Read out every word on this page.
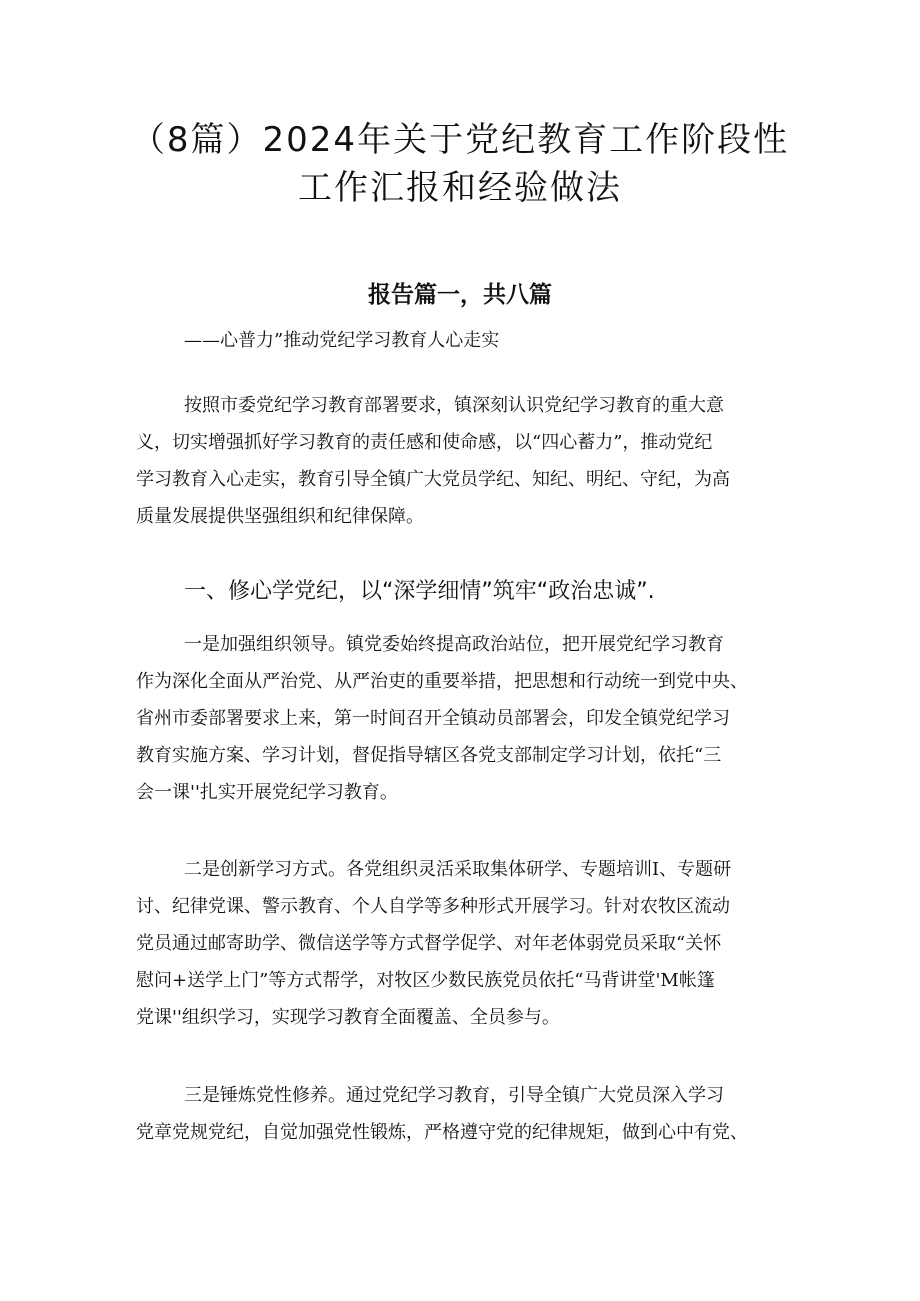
（8篇）2024年关于党纪教育工作阶段性
工作汇报和经验做法
报告篇一，共八篇
——心普力”推动党纪学习教育人心走实
按照市委党纪学习教育部署要求，镇深刻认识党纪学习教育的重大意
义，切实增强抓好学习教育的责任感和使命感，以“四心蓄力”，推动党纪
学习教育入心走实，教育引导全镇广大党员学纪、知纪、明纪、守纪，为高
质量发展提供坚强组织和纪律保障。
一、修心学党纪，以“深学细情”筑牢“政治忠诚”.
一是加强组织领导。镇党委始终提高政治站位，把开展党纪学习教育
作为深化全面从严治党、从严治吏的重要举措，把思想和行动统一到党中央、
省州市委部署要求上来，第一时间召开全镇动员部署会，印发全镇党纪学习
教育实施方案、学习计划，督促指导辖区各党支部制定学习计划，依托“三
会一课''扎实开展党纪学习教育。
二是创新学习方式。各党组织灵活采取集体研学、专题培训I、专题研
讨、纪律党课、警示教育、个人自学等多种形式开展学习。针对农牧区流动
党员通过邮寄助学、微信送学等方式督学促学、对年老体弱党员采取“关怀
慰问+送学上门”等方式帮学，对牧区少数民族党员依托“马背讲堂'M帐篷
党课''组织学习，实现学习教育全面覆盖、全员参与。
三是锤炼党性修养。通过党纪学习教育，引导全镇广大党员深入学习
党章党规党纪，自觉加强党性锻炼，严格遵守党的纪律规矩，做到心中有党、
